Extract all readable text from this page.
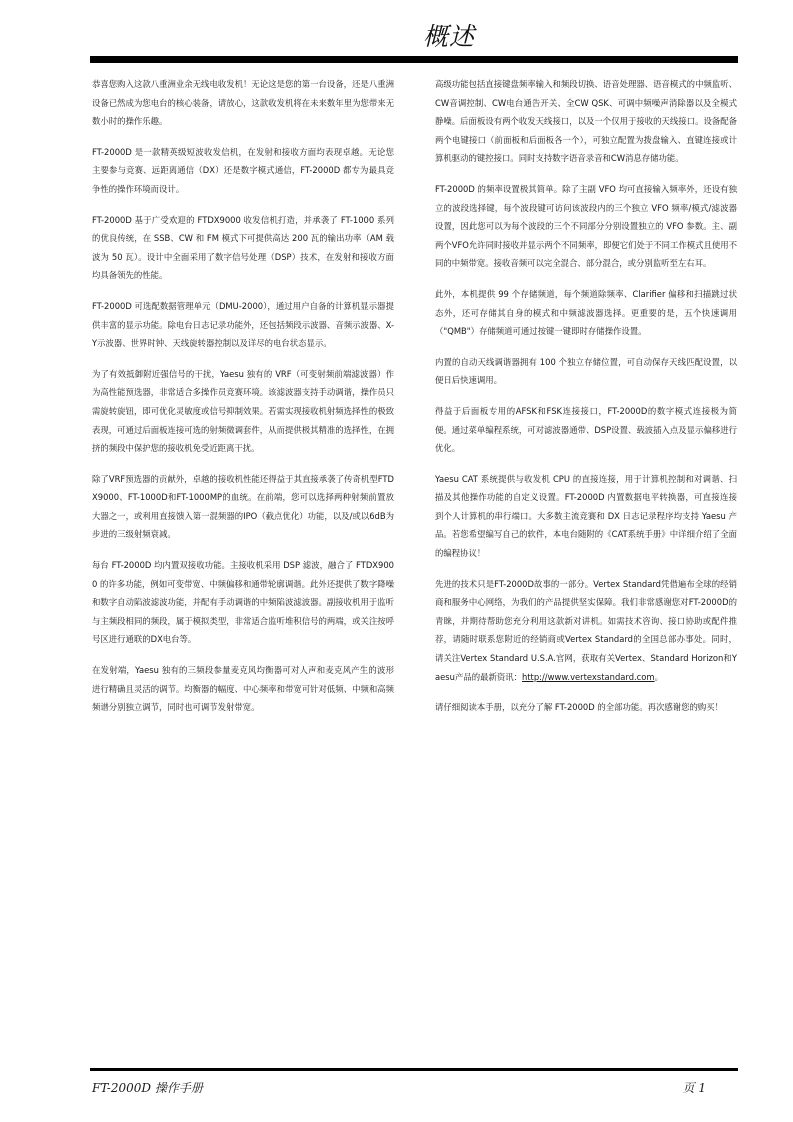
概述

恭喜您购入这款八重洲业余无线电收发机！无论这是您的第一台设备，还是八重洲设备已然成为您电台的核心装备，请放心，这款收发机将在未来数年里为您带来无数小时的操作乐趣。

FT-2000D 是一款精英级短波收发信机，在发射和接收方面均表现卓越。无论您主要参与竞赛、远距离通信（DX）还是数字模式通信，FT-2000D 都专为最具竞争性的操作环境而设计。

FT-2000D 基于广受欢迎的 FTDX9000 收发信机打造，并承袭了 FT-1000 系列的优良传统，在 SSB、CW 和 FM 模式下可提供高达 200 瓦的输出功率（AM 载波为 50 瓦）。设计中全面采用了数字信号处理（DSP）技术，在发射和接收方面均具备领先的性能。

FT-2000D 可选配数据管理单元（DMU-2000），通过用户自备的计算机显示器提供丰富的显示功能。除电台日志记录功能外，还包括频段示波器、音频示波器、X-Y示波器、世界时钟、天线旋转器控制以及详尽的电台状态显示。

为了有效抵御附近强信号的干扰，Yaesu 独有的 VRF（可变射频前端滤波器）作为高性能预选器，非常适合多操作员竞赛环境。该滤波器支持手动调谐，操作员只需旋转旋钮，即可优化灵敏度或信号抑制效果。若需实现接收机射频选择性的极致表现，可通过后面板连接可选的射频微调套件，从而提供极其精准的选择性，在拥挤的频段中保护您的接收机免受近距离干扰。

除了VRF预选器的贡献外，卓越的接收机性能还得益于其直接承袭了传奇机型FTDX9000、FT-1000D和FT-1000MP的血统。在前端，您可以选择两种射频前置放大器之一，或利用直接馈入第一混频器的IPO（截点优化）功能，以及/或以6dB为步进的三级射频衰减。

每台 FT-2000D 均内置双接收功能。主接收机采用 DSP 滤波，融合了 FTDX9000 的许多功能，例如可变带宽、中频偏移和通带轮廓调谐。此外还提供了数字降噪和数字自动陷波滤波功能，并配有手动调谐的中频陷波滤波器。副接收机用于监听与主频段相同的频段，属于模拟类型，非常适合监听堆积信号的两端，或关注按呼号区进行通联的DX电台等。

在发射端，Yaesu 独有的三频段参量麦克风均衡器可对人声和麦克风产生的波形进行精确且灵活的调节。均衡器的幅度、中心频率和带宽可针对低频、中频和高频频谱分别独立调节，同时也可调节发射带宽。

高级功能包括直接键盘频率输入和频段切换、语音处理器、语音模式的中频监听、CW音调控制、CW电台通告开关、全CW QSK、可调中频噪声消除器以及全模式静噪。后面板设有两个收发天线接口，以及一个仅用于接收的天线接口。设备配备两个电键接口（前面板和后面板各一个），可独立配置为拨盘输入、直键连接或计算机驱动的键控接口。同时支持数字语音录音和CW消息存储功能。

FT-2000D 的频率设置极其简单。除了主副 VFO 均可直接输入频率外，还设有独立的波段选择键，每个波段键可访问该波段内的三个独立 VFO 频率/模式/滤波器设置，因此您可以为每个波段的三个不同部分分别设置独立的 VFO 参数。主、副两个VFO允许同时接收并显示两个不同频率，即便它们处于不同工作模式且使用不同的中频带宽。接收音频可以完全混合、部分混合，或分别监听至左右耳。

此外，本机提供 99 个存储频道，每个频道除频率、Clarifier 偏移和扫描跳过状态外，还可存储其自身的模式和中频滤波器选择。更重要的是，五个快速调用（"QMB"）存储频道可通过按键一键即时存储操作设置。

内置的自动天线调谐器拥有 100 个独立存储位置，可自动保存天线匹配设置，以便日后快速调用。

得益于后面板专用的AFSK和FSK连接接口，FT-2000D的数字模式连接极为简便。通过菜单编程系统，可对滤波器通带、DSP设置、载波插入点及显示偏移进行优化。

Yaesu CAT 系统提供与收发机 CPU 的直接连接，用于计算机控制和对调谐、扫描及其他操作功能的自定义设置。FT-2000D 内置数据电平转换器，可直接连接到个人计算机的串行端口。大多数主流竞赛和 DX 日志记录程序均支持 Yaesu 产品。若您希望编写自己的软件，本电台随附的《CAT系统手册》中详细介绍了全面的编程协议！

先进的技术只是FT-2000D故事的一部分。Vertex Standard凭借遍布全球的经销商和服务中心网络，为我们的产品提供坚实保障。我们非常感谢您对FT-2000D的青睐，并期待帮助您充分利用这款新对讲机。如需技术咨询、接口协助或配件推荐，请随时联系您附近的经销商或Vertex Standard的全国总部办事处。同时，请关注Vertex Standard U.S.A.官网，获取有关Vertex、Standard Horizon和Yaesu产品的最新资讯：http://www.vertexstandard.com。

请仔细阅读本手册，以充分了解 FT-2000D 的全部功能。再次感谢您的购买！

FT-2000D 操作手册	页 1
